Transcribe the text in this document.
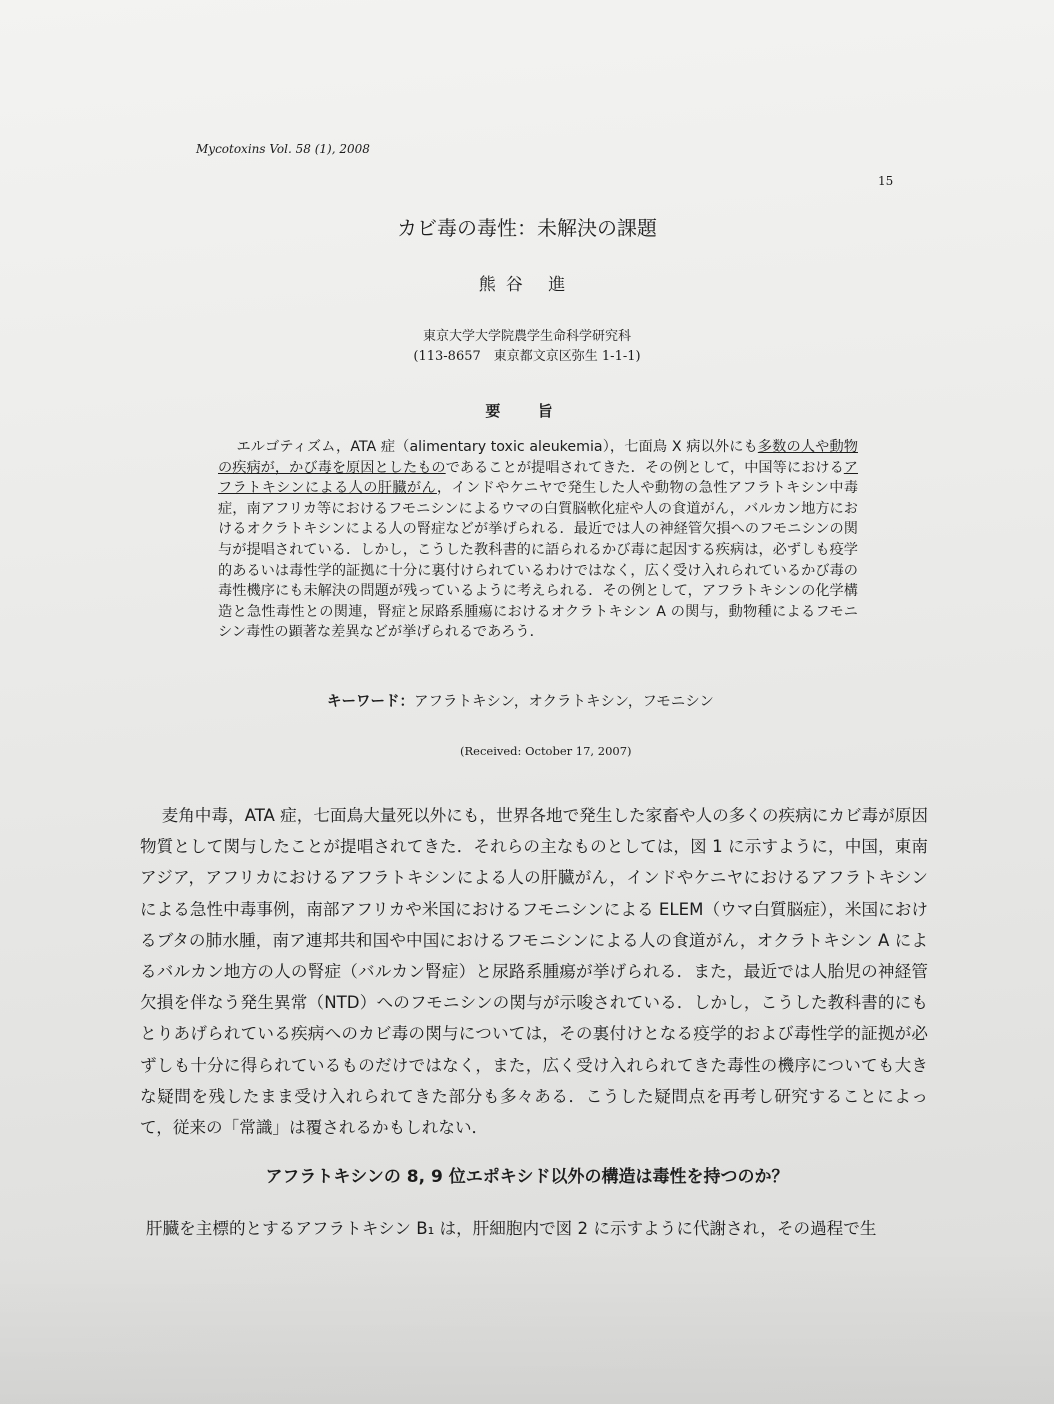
Mycotoxins Vol. 58 (1), 2008
15
カビ毒の毒性：未解決の課題
熊谷 進
東京大学大学院農学生命科学研究科
(113-8657　東京都文京区弥生 1-1-1)
要 旨
エルゴティズム，ATA 症（alimentary toxic aleukemia），七面鳥 X 病以外にも多数の人や動物の疾病が，かび毒を原因としたものであることが提唱されてきた．その例として，中国等におけるアフラトキシンによる人の肝臓がん，インドやケニヤで発生した人や動物の急性アフラトキシン中毒症，南アフリカ等におけるフモニシンによるウマの白質脳軟化症や人の食道がん，バルカン地方におけるオクラトキシンによる人の腎症などが挙げられる．最近では人の神経管欠損へのフモニシンの関与が提唱されている．しかし，こうした教科書的に語られるかび毒に起因する疾病は，必ずしも疫学的あるいは毒性学的証拠に十分に裏付けられているわけではなく，広く受け入れられているかび毒の毒性機序にも未解決の問題が残っているように考えられる．その例として，アフラトキシンの化学構造と急性毒性との関連，腎症と尿路系腫瘍におけるオクラトキシン A の関与，動物種によるフモニシン毒性の顕著な差異などが挙げられるであろう．
キーワード：アフラトキシン，オクラトキシン，フモニシン
(Received: October 17, 2007)
麦角中毒，ATA 症，七面鳥大量死以外にも，世界各地で発生した家畜や人の多くの疾病にカビ毒が原因物質として関与したことが提唱されてきた．それらの主なものとしては，図 1 に示すように，中国，東南アジア，アフリカにおけるアフラトキシンによる人の肝臓がん，インドやケニヤにおけるアフラトキシンによる急性中毒事例，南部アフリカや米国におけるフモニシンによる ELEM（ウマ白質脳症），米国におけるブタの肺水腫，南ア連邦共和国や中国におけるフモニシンによる人の食道がん，オクラトキシン A によるバルカン地方の人の腎症（バルカン腎症）と尿路系腫瘍が挙げられる．また，最近では人胎児の神経管欠損を伴なう発生異常（NTD）へのフモニシンの関与が示唆されている．しかし，こうした教科書的にもとりあげられている疾病へのカビ毒の関与については，その裏付けとなる疫学的および毒性学的証拠が必ずしも十分に得られているものだけではなく，また，広く受け入れられてきた毒性の機序についても大きな疑問を残したまま受け入れられてきた部分も多々ある．こうした疑問点を再考し研究することによって，従来の「常識」は覆されるかもしれない．
アフラトキシンの 8, 9 位エポキシド以外の構造は毒性を持つのか？
肝臓を主標的とするアフラトキシン B₁ は，肝細胞内で図 2 に示すように代謝され，その過程で生
